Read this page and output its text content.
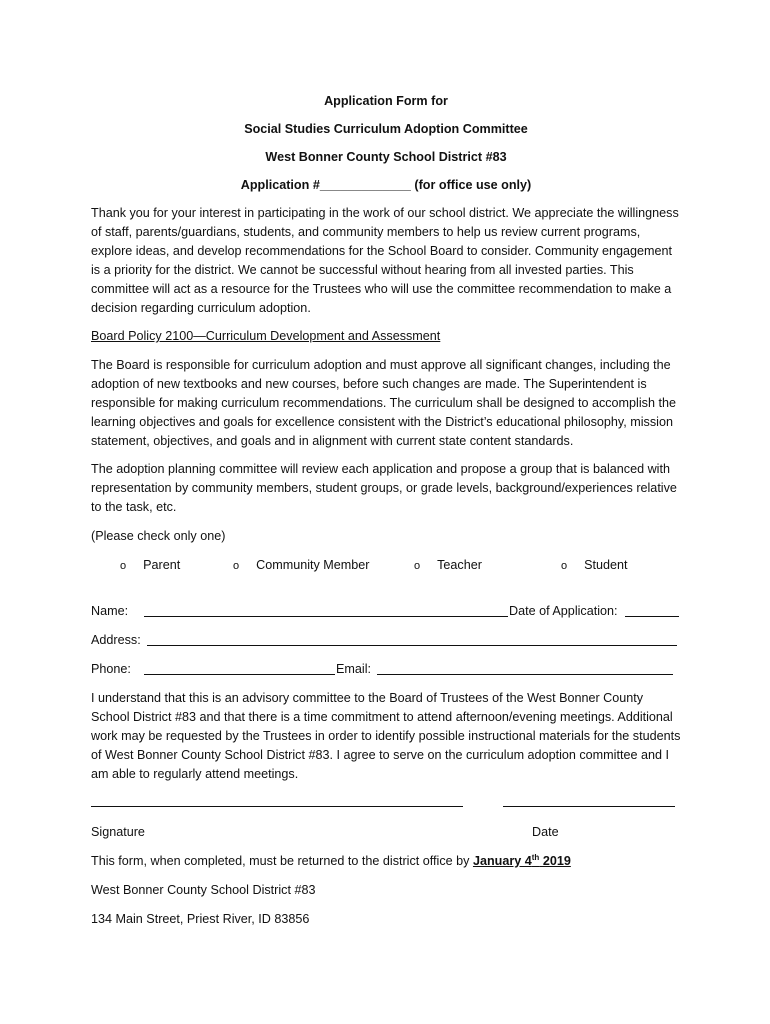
Application Form for

Social Studies Curriculum Adoption Committee

West Bonner County School District #83

Application #_____________ (for office use only)

Thank you for your interest in participating in the work of our school district. We appreciate the willingness of staff, parents/guardians, students, and community members to help us review current programs, explore ideas, and develop recommendations for the School Board to consider. Community engagement is a priority for the district. We cannot be successful without hearing from all invested parties. This committee will act as a resource for the Trustees who will use the committee recommendation to make a decision regarding curriculum adoption.

Board Policy 2100—Curriculum Development and Assessment

The Board is responsible for curriculum adoption and must approve all significant changes, including the adoption of new textbooks and new courses, before such changes are made. The Superintendent is responsible for making curriculum recommendations. The curriculum shall be designed to accomplish the learning objectives and goals for excellence consistent with the District’s educational philosophy, mission statement, objectives, and goals and in alignment with current state content standards.

The adoption planning committee will review each application and propose a group that is balanced with representation by community members, student groups, or grade levels, background/experiences relative to the task, etc.

(Please check only one)

o Parent	o Community Member	o Teacher	o Student
Name:	Date of Application:
Address:
Phone:	Email:

I understand that this is an advisory committee to the Board of Trustees of the West Bonner County School District #83 and that there is a time commitment to attend afternoon/evening meetings. Additional work may be requested by the Trustees in order to identify possible instructional materials for the students of West Bonner County School District #83. I agree to serve on the curriculum adoption committee and I am able to regularly attend meetings.

Signature	Date

This form, when completed, must be returned to the district office by January 4th 2019

West Bonner County School District #83

134 Main Street, Priest River, ID 83856
